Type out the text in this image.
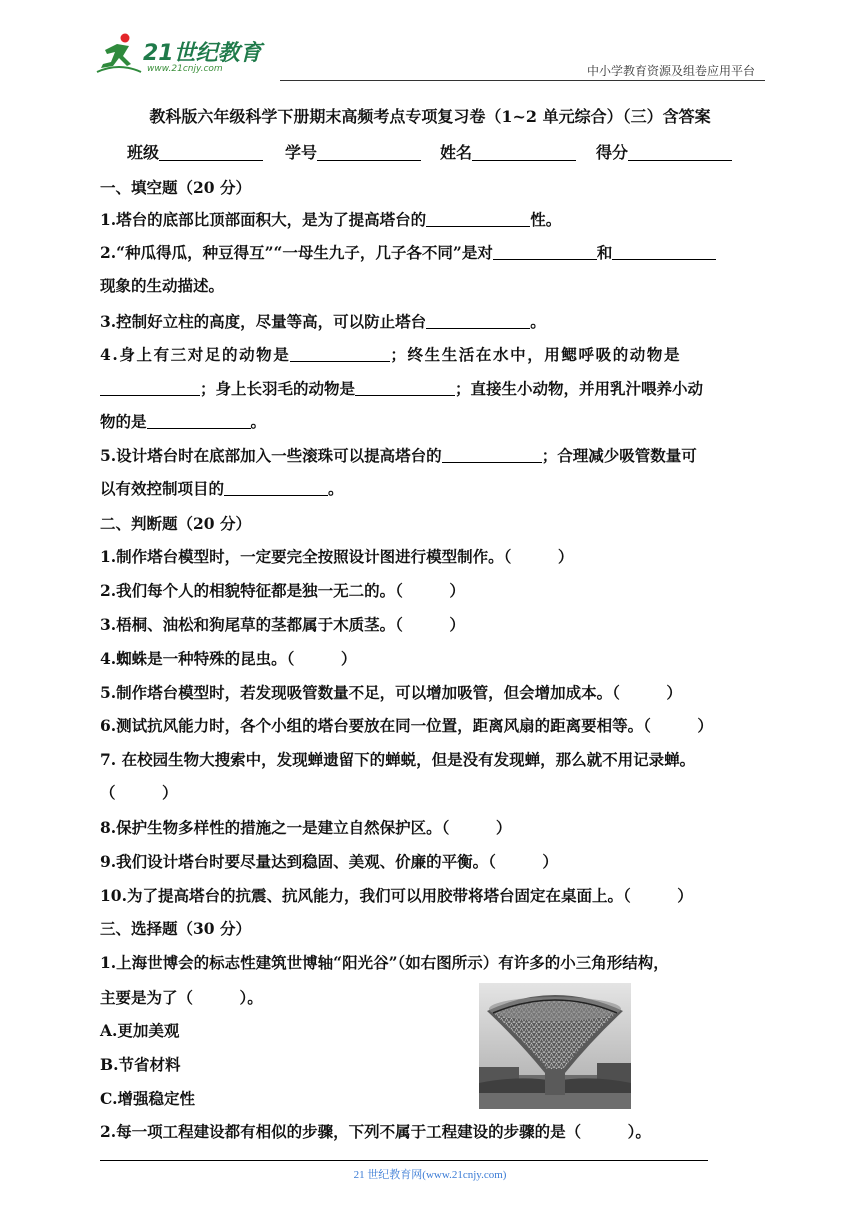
21世纪教育
www.21cnjy.com	中小学教育资源及组卷应用平台
教科版六年级科学下册期末高频考点专项复习卷（1~2 单元综合）（三）含答案
班级	学号	姓名	得分
一、填空题（20 分）
1.塔台的底部比顶部面积大，是为了提高塔台的	性。
2.“种瓜得瓜，种豆得互”“一母生九子，几子各不同”是对	和
现象的生动描述。
3.控制好立柱的高度，尽量等高，可以防止塔台	。
4.身上有三对足的动物是	；终生生活在水中，用鳃呼吸的动物是
；身上长羽毛的动物是	；直接生小动物，并用乳汁喂养小动
物的是	。
5.设计塔台时在底部加入一些滚珠可以提高塔台的	；合理减少吸管数量可
以有效控制项目的	。
二、判断题（20 分）
1.制作塔台模型时，一定要完全按照设计图进行模型制作。（　　　）
2.我们每个人的相貌特征都是独一无二的。（　　　）
3.梧桐、油松和狗尾草的茎都属于木质茎。（　　　）
4.蜘蛛是一种特殊的昆虫。（　　　）
5.制作塔台模型时，若发现吸管数量不足，可以增加吸管，但会增加成本。（　　　）
6.测试抗风能力时，各个小组的塔台要放在同一位置，距离风扇的距离要相等。（　　　）
7. 在校园生物大搜索中，发现蝉遗留下的蝉蜕，但是没有发现蝉，那么就不用记录蝉。
（　　　）
8.保护生物多样性的措施之一是建立自然保护区。（　　　）
9.我们设计塔台时要尽量达到稳固、美观、价廉的平衡。（　　　）
10.为了提高塔台的抗震、抗风能力，我们可以用胶带将塔台固定在桌面上。（　　　）
三、选择题（30 分）
1.上海世博会的标志性建筑世博轴“阳光谷”（如右图所示）有许多的小三角形结构，
主要是为了（　　　）。
A.更加美观
B.节省材料
C.增强稳定性
2.每一项工程建设都有相似的步骤，下列不属于工程建设的步骤的是（　　　）。
21 世纪教育网(www.21cnjy.com)
